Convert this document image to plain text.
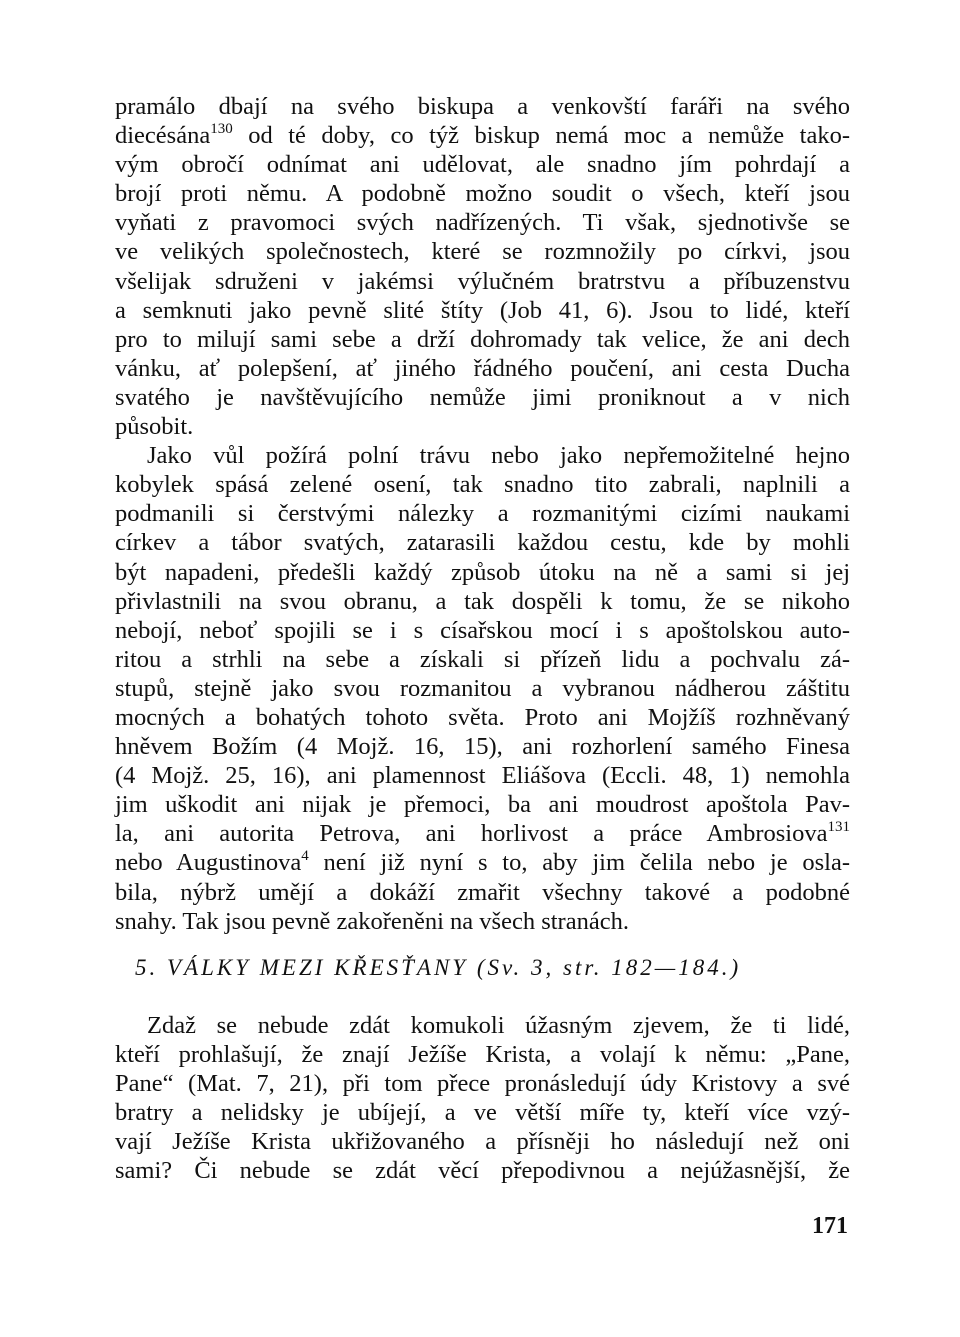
pramálo dbají na svého biskupa a venkovští faráři na svého
diecésána$^{130}$ od té doby, co týž biskup nemá moc a nemůže tako-
vým obročí odnímat ani udělovat, ale snadno jím pohrdají a
brojí proti němu. A podobně možno soudit o všech, kteří jsou
vyňati z pravomoci svých nadřízených. Ti však, sjednotivše se
ve velikých společnostech, které se rozmnožily po církvi, jsou
všelijak sdruženi v jakémsi výlučném bratrstvu a příbuzenstvu
a semknuti jako pevně slité štíty (Job 41, 6). Jsou to lidé, kteří
pro to milují sami sebe a drží dohromady tak velice, že ani dech
vánku, ať polepšení, ať jiného řádného poučení, ani cesta Ducha
svatého je navštěvujícího nemůže jimi proniknout a v nich
působit.
Jako vůl požírá polní trávu nebo jako nepřemožitelné hejno
kobylek spásá zelené osení, tak snadno tito zabrali, naplnili a
podmanili si čerstvými nálezky a rozmanitými cizími naukami
církev a tábor svatých, zatarasili každou cestu, kde by mohli
být napadeni, předešli každý způsob útoku na ně a sami si jej
přivlastnili na svou obranu, a tak dospěli k tomu, že se nikoho
nebojí, neboť spojili se i s císařskou mocí i s apoštolskou auto-
ritou a strhli na sebe a získali si přízeň lidu a pochvalu zá-
stupů, stejně jako svou rozmanitou a vybranou nádherou záštitu
mocných a bohatých tohoto světa. Proto ani Mojžíš rozhněvaný
hněvem Božím (4 Mojž. 16, 15), ani rozhorlení samého Finesa
(4 Mojž. 25, 16), ani plamennost Eliášova (Eccli. 48, 1) nemohla
jim uškodit ani nijak je přemoci, ba ani moudrost apoštola Pav-
la, ani autorita Petrova, ani horlivost a práce Ambrosiova$^{131}$
nebo Augustinova$^4$ není již nyní s to, aby jim čelila nebo je osla-
bila, nýbrž umějí a dokáží zmařit všechny takové a podobné
snahy. Tak jsou pevně zakořeněni na všech stranách.
5. VÁLKY MEZI KŘESŤANY (Sv. 3, str. 182—184.)
Zdaž se nebude zdát komukoli úžasným zjevem, že ti lidé,
kteří prohlašují, že znají Ježíše Krista, a volají k němu: „Pane,
Pane“ (Mat. 7, 21), při tom přece pronásledují údy Kristovy a své
bratry a nelidsky je ubíjejí, a ve větší míře ty, kteří více vzý-
vají Ježíše Krista ukřižovaného a přísněji ho následují než oni
sami? Či nebude se zdát věcí přepodivnou a nejúžasnější, že
171
